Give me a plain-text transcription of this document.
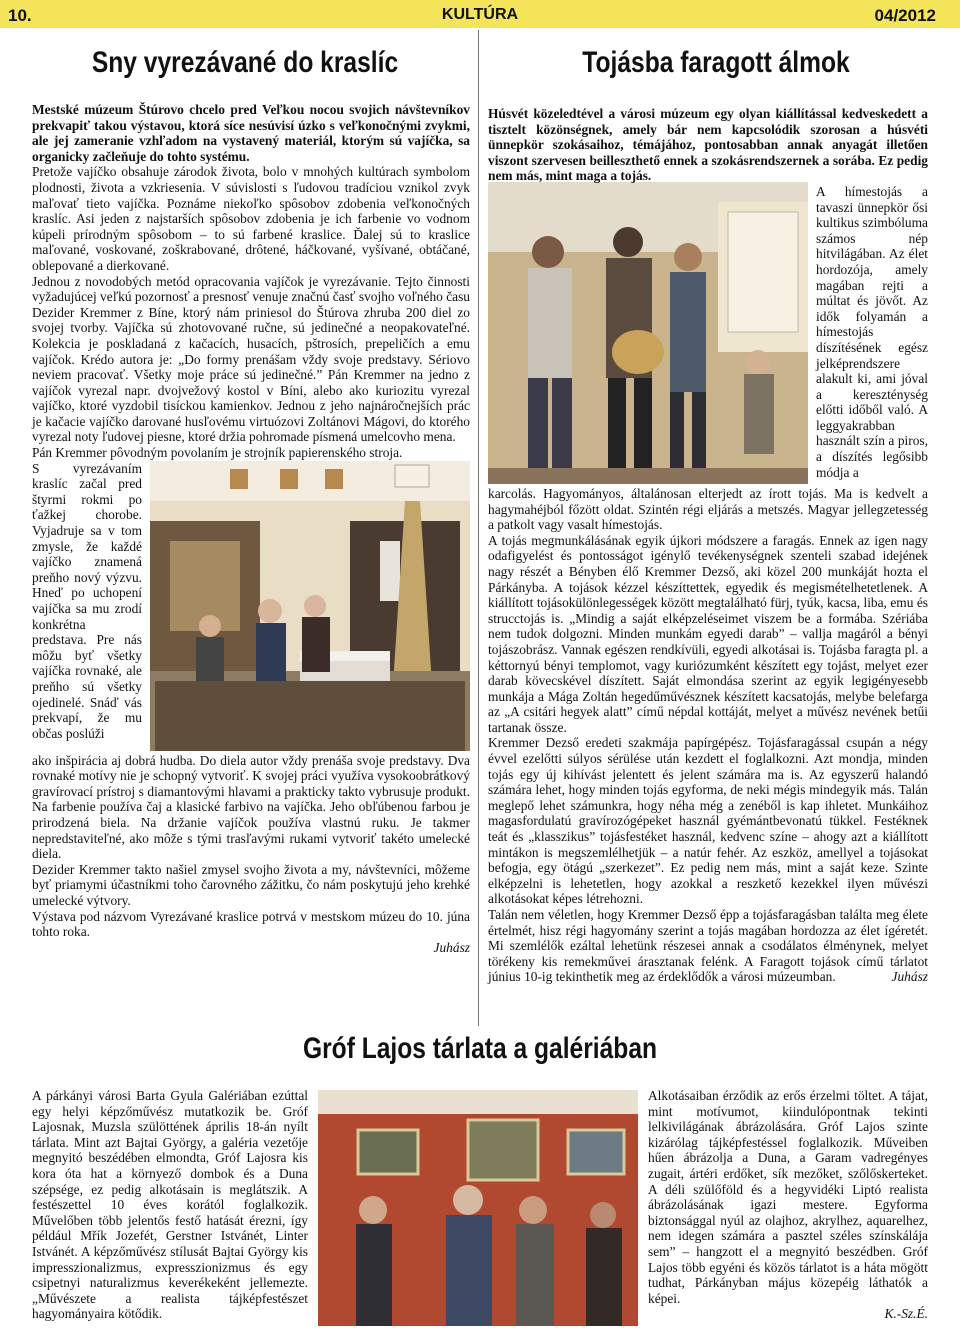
10.	KULTÚRA	04/2012
Sny vyrezávané do kraslíc

Mestské múzeum Štúrovo chcelo pred Veľkou nocou svojich návštevníkov prekvapiť takou výstavou, ktorá síce nesúvisí úzko s veľkonočnými zvykmi, ale jej zameranie vzhľadom na vystavený materiál, ktorým sú vajíčka, sa organicky začleňuje do tohto systému.

Pretože vajíčko obsahuje zárodok života, bolo v mnohých kultúrach symbolom plodnosti, života a vzkriesenia. V súvislosti s ľudovou tradíciou vznikol zvyk maľovať tieto vajíčka. Poznáme niekoľko spôsobov zdobenia veľkonočných kraslíc. Asi jeden z najstarších spôsobov zdobenia je ich farbenie vo vodnom kúpeli prírodným spôsobom – to sú farbené kraslice. Ďalej sú to kraslice maľované, voskované, zoškrabované, drôtené, háčkované, vyšívané, obtáčané, oblepované a dierkované.

Jednou z novodobých metód opracovania vajíčok je vyrezávanie. Tejto činnosti vyžadujúcej veľkú pozornosť a presnosť venuje značnú časť svojho voľného času Dezider Kremmer z Bíne, ktorý nám priniesol do Štúrova zhruba 200 diel zo svojej tvorby. Vajíčka sú zhotovované ručne, sú jedinečné a neopakovateľné. Kolekcia je poskladaná z kačacích, husacích, pštrosích, prepeličích a emu vajíčok. Krédo autora je: „Do formy prenášam vždy svoje predstavy. Sériovo neviem pracovať. Všetky moje práce sú jedinečné.” Pán Kremmer na jedno z vajíčok vyrezal napr. dvojvežový kostol v Bíni, alebo ako kuriozitu vyrezal vajíčko, ktoré vyzdobil tisíckou kamienkov. Jednou z jeho najnáročnejších prác je kačacie vajíčko darované husľovému virtuózovi Zoltánovi Mágovi, do ktorého vyrezal noty ľudovej piesne, ktoré držia pohromade písmená umelcovho mena.

Pán Kremmer pôvodným povolaním je strojník papierenského stroja.

S vyrezávaním kraslíc začal pred štyrmi rokmi po ťažkej chorobe. Vyjadruje sa v tom zmysle, že každé vajíčko znamená preňho nový výzvu. Hneď po uchopení vajíčka sa mu zrodí konkrétna predstava. Pre nás môžu byť všetky vajíčka rovnaké, ale preňho sú všetky ojedinelé. Snáď vás prekvapí, že mu občas poslúži

ako inšpirácia aj dobrá hudba. Do diela autor vždy prenáša svoje predstavy. Dva rovnaké motívy nie je schopný vytvoriť. K svojej práci využíva vysokoobrátkový gravírovací prístroj s diamantovými hlavami a prakticky takto vybrusuje produkt. Na farbenie používa čaj a klasické farbivo na vajíčka. Jeho obľúbenou farbou je prirodzená biela. Na držanie vajíčok používa vlastnú ruku. Je takmer nepredstaviteľné, ako môže s tými trasľavými rukami vytvoriť takéto umelecké diela.

Dezider Kremmer takto našiel zmysel svojho života a my, návštevníci, môžeme byť priamymi účastníkmi toho čarovného zážitku, čo nám poskytujú jeho krehké umelecké výtvory.

Výstava pod názvom Vyrezávané kraslice potrvá v mestskom múzeu do 10. júna tohto roka.

Juhász

Tojásba faragott álmok

Húsvét közeledtével a városi múzeum egy olyan kiállítással kedveskedett a tisztelt közönségnek, amely bár nem kapcsolódik szorosan a húsvéti ünnepkör szokásaihoz, témájához, pontosabban annak anyagát illetően viszont szervesen beilleszthető ennek a szokásrendszernek a sorába. Ez pedig nem más, mint maga a tojás.

A hímestojás a tavaszi ünnepkör ősi kultikus szimbóluma számos nép hitvilágában. Az élet hordozója, amely magában rejti a múltat és jövőt. Az idők folyamán a hímestojás díszítésének egész jelképrendszere alakult ki, ami jóval a kereszténység előtti időből való. A leggyakrabban használt szín a piros, a díszítés legősibb módja a

karcolás. Hagyományos, általánosan elterjedt az írott tojás. Ma is kedvelt a hagymahéjból főzött oldat. Szintén régi eljárás a metszés. Magyar jellegzetesség a patkolt vagy vasalt hímestojás.

A tojás megmunkálásának egyik újkori módszere a faragás. Ennek az igen nagy odafigyelést és pontosságot igénylő tevékenységnek szenteli szabad idejének nagy részét a Bényben élő Kremmer Dezső, aki közel 200 munkáját hozta el Párkányba. A tojások kézzel készíttettek, egyedik és megismételhetetlenek. A kiállított tojásokülönlegességek között megtalálható fürj, tyúk, kacsa, liba, emu és strucctojás is. „Mindig a saját elképzeléseimet viszem be a formába. Szériába nem tudok dolgozni. Minden munkám egyedi darab” – vallja magáról a bényi tojászobrász. Vannak egészen rendkívüli, egyedi alkotásai is. Tojásba faragta pl. a kéttornyú bényi templomot, vagy kuriózumként készített egy tojást, melyet ezer darab kövecskével díszített. Saját elmondása szerint az egyik legigényesebb munkája a Mága Zoltán hegedűművésznek készített kacsatojás, melybe belefarga az „A csitári hegyek alatt” című népdal kottáját, melyet a művész nevének betűi tartanak össze.

Kremmer Dezső eredeti szakmája papírgépész. Tojásfaragással csupán a négy évvel ezelőtti súlyos sérülése után kezdett el foglalkozni. Azt mondja, minden tojás egy új kihívást jelentett és jelent számára ma is. Az egyszerű halandó számára lehet, hogy minden tojás egyforma, de neki mégis mindegyik más. Talán meglepő lehet számunkra, hogy néha még a zenéből is kap ihletet. Munkáihoz magasfordulatú gravírozógépeket használ gyémántbevonatú tükkel. Festéknek teát és „klasszikus” tojásfestéket használ, kedvenc színe – ahogy azt a kiállított mintákon is megszemlélhetjük – a natúr fehér. Az eszköz, amellyel a tojásokat befogja, egy ötágú „szerkezet”. Ez pedig nem más, mint a saját keze. Szinte elképzelni is lehetetlen, hogy azokkal a reszkető kezekkel ilyen művészi alkotásokat képes létrehozni.

Talán nem véletlen, hogy Kremmer Dezső épp a tojásfaragásban találta meg élete értelmét, hisz régi hagyomány szerint a tojás magában hordozza az élet ígéretét. Mi szemlélők ezáltal lehetünk részesei annak a csodálatos élménynek, melyet törékeny kis remekművei árasztanak felénk. A Faragott tojások című tárlatot június 10-ig tekinthetik meg az érdeklődők a városi múzeumban.	Juhász

Gróf Lajos tárlata a galériában

A párkányi városi Barta Gyula Galériában ezúttal egy helyi képzőművész mutatkozik be. Gróf Lajosnak, Muzsla szülöttének április 18-án nyílt tárlata. Mint azt Bajtai György, a galéria vezetője megnyitó beszédében elmondta, Gróf Lajosra kis kora óta hat a környező dombok és a Duna szépsége, ez pedig alkotásain is meglátszik. A festészettel 10 éves korától foglalkozik. Művelőben több jelentős festő hatását érezni, így például Mřík Jozefét, Gerstner Istvánét, Linter Istvánét. A képzőművész stílusát Bajtai György kis impresszionalizmus, expresszionizmus és egy csipetnyi naturalizmus keverékeként jellemezte. „Művészete a realista tájképfestészet hagyományaira kötődik.

Alkotásaiban érződik az erős érzelmi töltet. A tájat, mint motívumot, kiindulópontnak tekinti lelkivilágának ábrázolására. Gróf Lajos szinte kizárólag tájképfestéssel foglalkozik. Műveiben hűen ábrázolja a Duna, a Garam vadregényes zugait, ártéri erdőket, sík mezőket, szőlőskerteket. A déli szülőföld és a hegyvidéki Liptó realista ábrázolásának igazi mestere. Egyforma biztonsággal nyúl az olajhoz, akrylhez, aquarelhez, nem idegen számára a pasztel széles színskálája sem” – hangzott el a megnyitó beszédben. Gróf Lajos több egyéni és közös tárlatot is a háta mögött tudhat, Párkányban május közepéig láthatók a képei.

K.-Sz.É.
